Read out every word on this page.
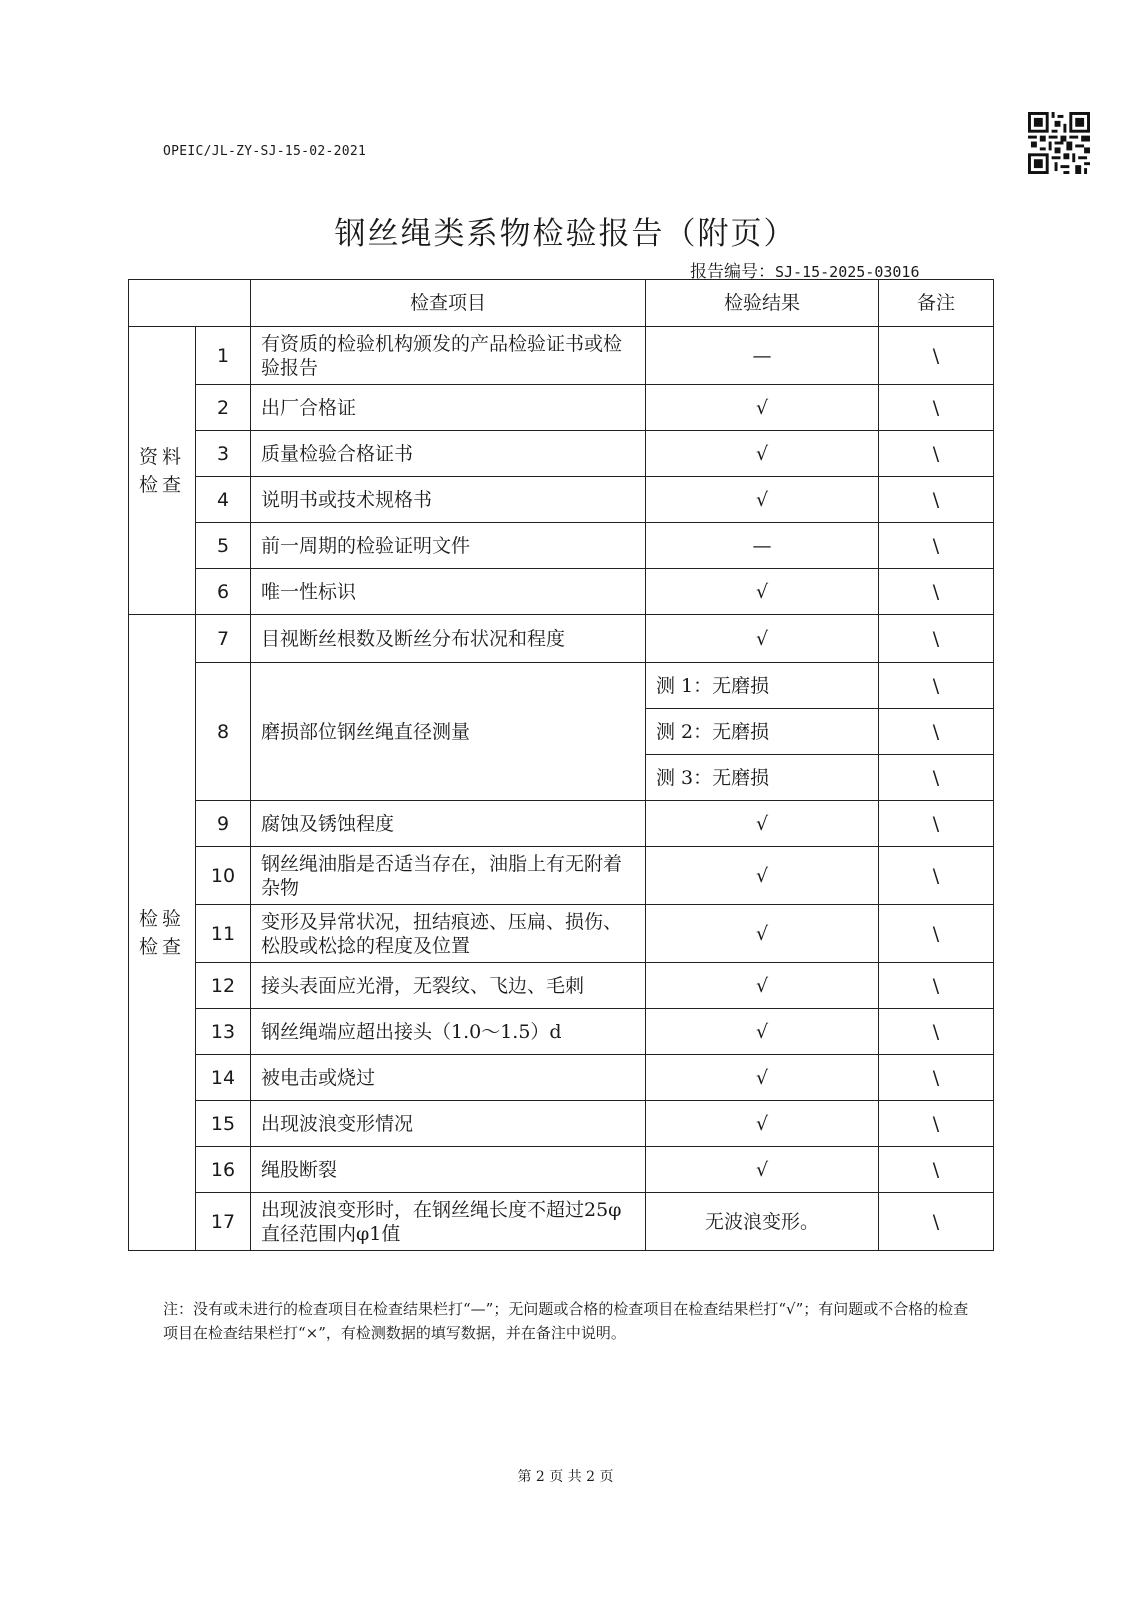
OPEIC/JL-ZY-SJ-15-02-2021
钢丝绳类系物检验报告（附页）
报告编号：SJ-15-2025-03016
		检查项目	检验结果	备注
资料检查	1	有资质的检验机构颁发的产品检验证书或检验报告	—	\
	2	出厂合格证	√	\
	3	质量检验合格证书	√	\
	4	说明书或技术规格书	√	\
	5	前一周期的检验证明文件	—	\
	6	唯一性标识	√	\
检验检查	7	目视断丝根数及断丝分布状况和程度	√	\
	8	磨损部位钢丝绳直径测量	测 1：无磨损	\
			测 2：无磨损	\
			测 3：无磨损	\
	9	腐蚀及锈蚀程度	√	\
	10	钢丝绳油脂是否适当存在，油脂上有无附着杂物	√	\
	11	变形及异常状况，扭结痕迹、压扁、损伤、松股或松捻的程度及位置	√	\
	12	接头表面应光滑，无裂纹、飞边、毛刺	√	\
	13	钢丝绳端应超出接头（1.0～1.5）d	√	\
	14	被电击或烧过	√	\
	15	出现波浪变形情况	√	\
	16	绳股断裂	√	\
	17	出现波浪变形时，在钢丝绳长度不超过25φ直径范围内φ1值	无波浪变形。	\
注：没有或未进行的检查项目在检查结果栏打“—”；无问题或合格的检查项目在检查结果栏打“√”；有问题或不合格的检查项目在检查结果栏打“×”，有检测数据的填写数据，并在备注中说明。
第 2 页 共 2 页
